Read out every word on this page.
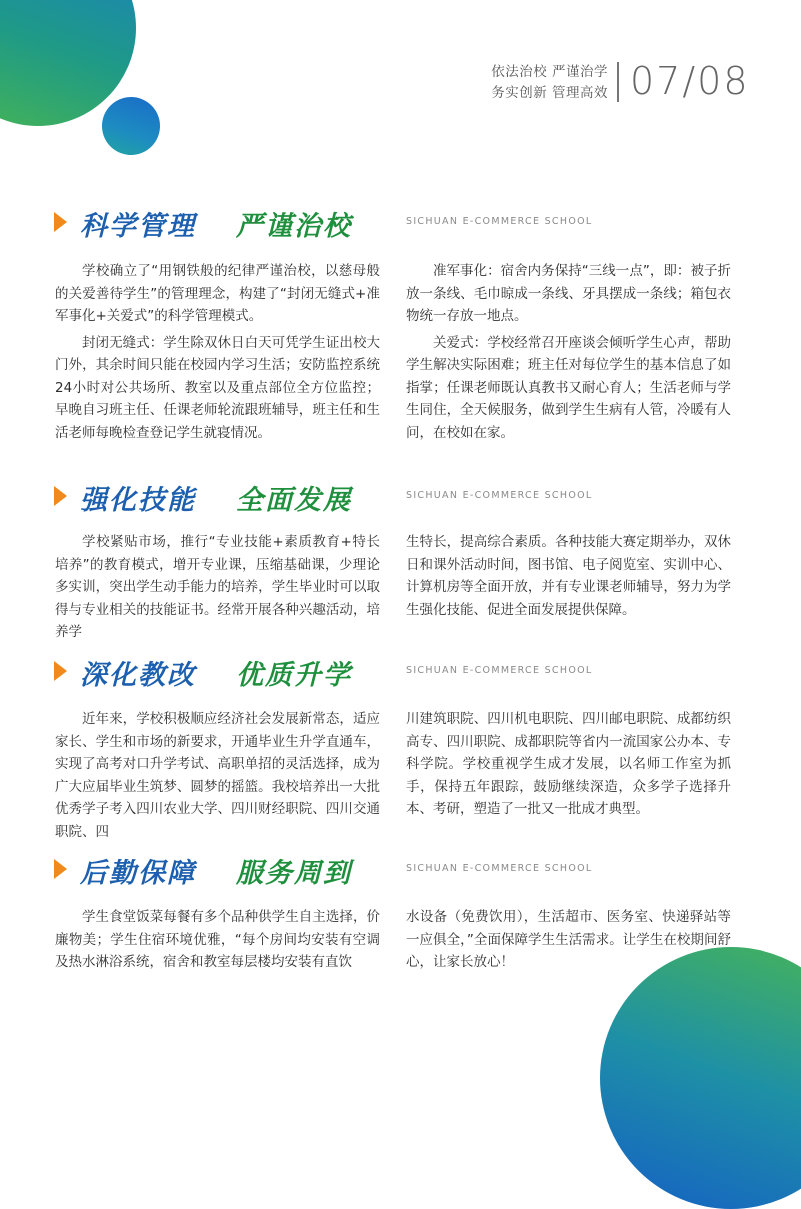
依法治校 严谨治学
务实创新 管理高效 07/08
科学管理 严谨治校	SICHUAN E-COMMERCE SCHOOL

学校确立了“用钢铁般的纪律严谨治校，以慈母般的关爱善待学生”的管理理念，构建了“封闭无缝式+准军事化+关爱式”的科学管理模式。

封闭无缝式：学生除双休日白天可凭学生证出校大门外，其余时间只能在校园内学习生活；安防监控系统24小时对公共场所、教室以及重点部位全方位监控；早晚自习班主任、任课老师轮流跟班辅导，班主任和生活老师每晚检查登记学生就寝情况。

准军事化：宿舍内务保持“三线一点”，即：被子折放一条线、毛巾晾成一条线、牙具摆成一条线；箱包衣物统一存放一地点。

关爱式：学校经常召开座谈会倾听学生心声，帮助学生解决实际困难；班主任对每位学生的基本信息了如指掌；任课老师既认真教书又耐心育人；生活老师与学生同住，全天候服务，做到学生生病有人管，冷暖有人问，在校如在家。

强化技能 全面发展	SICHUAN E-COMMERCE SCHOOL

学校紧贴市场，推行“专业技能+素质教育+特长培养”的教育模式，增开专业课，压缩基础课，少理论多实训，突出学生动手能力的培养，学生毕业时可以取得与专业相关的技能证书。经常开展各种兴趣活动，培养学

生特长，提高综合素质。各种技能大赛定期举办，双休日和课外活动时间，图书馆、电子阅览室、实训中心、计算机房等全面开放，并有专业课老师辅导，努力为学生强化技能、促进全面发展提供保障。

深化教改 优质升学	SICHUAN E-COMMERCE SCHOOL

近年来，学校积极顺应经济社会发展新常态，适应家长、学生和市场的新要求，开通毕业生升学直通车，实现了高考对口升学考试、高职单招的灵活选择，成为广大应届毕业生筑梦、圆梦的摇篮。我校培养出一大批优秀学子考入四川农业大学、四川财经职院、四川交通职院、四

川建筑职院、四川机电职院、四川邮电职院、成都纺织高专、四川职院、成都职院等省内一流国家公办本、专科学院。学校重视学生成才发展，以名师工作室为抓手，保持五年跟踪，鼓励继续深造，众多学子选择升本、考研，塑造了一批又一批成才典型。

后勤保障 服务周到	SICHUAN E-COMMERCE SCHOOL

学生食堂饭菜每餐有多个品种供学生自主选择，价廉物美；学生住宿环境优雅，“每个房间均安装有空调及热水淋浴系统，宿舍和教室每层楼均安装有直饮

水设备（免费饮用），生活超市、医务室、快递驿站等一应俱全，”全面保障学生生活需求。让学生在校期间舒心，让家长放心！
